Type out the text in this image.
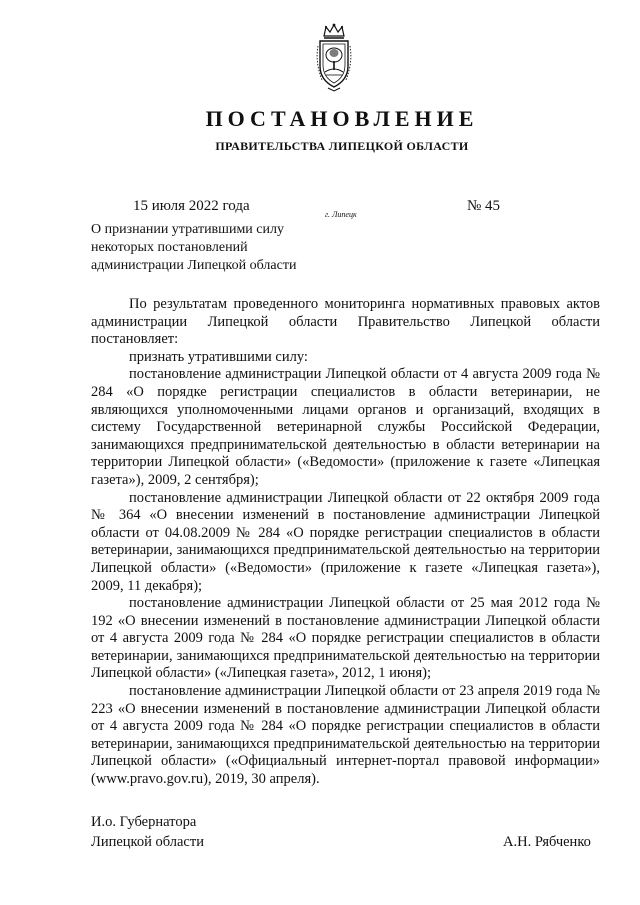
ПОСТАНОВЛЕНИЕ
ПРАВИТЕЛЬСТВА ЛИПЕЦКОЙ ОБЛАСТИ
15 июля 2022 года
г. Липецк
№ 45
О признании утратившими силу
некоторых постановлений
администрации Липецкой области

По результатам проведенного мониторинга нормативных правовых актов администрации Липецкой области Правительство Липецкой области постановляет:

признать утратившими силу:

постановление администрации Липецкой области от 4 августа 2009 года № 284 «О порядке регистрации специалистов в области ветеринарии, не являющихся уполномоченными лицами органов и организаций, входящих в систему Государственной ветеринарной службы Российской Федерации, занимающихся предпринимательской деятельностью в области ветеринарии на территории Липецкой области» («Ведомости» (приложение к газете «Липецкая газета»), 2009, 2 сентября);

постановление администрации Липецкой области от 22 октября 2009 года № 364 «О внесении изменений в постановление администрации Липецкой области от 04.08.2009 № 284 «О порядке регистрации специалистов в области ветеринарии, занимающихся предпринимательской деятельностью на территории Липецкой области» («Ведомости» (приложение к газете «Липецкая газета»), 2009, 11 декабря);

постановление администрации Липецкой области от 25 мая 2012 года № 192 «О внесении изменений в постановление администрации Липецкой области от 4 августа 2009 года № 284 «О порядке регистрации специалистов в области ветеринарии, занимающихся предпринимательской деятельностью на территории Липецкой области» («Липецкая газета», 2012, 1 июня);

постановление администрации Липецкой области от 23 апреля 2019 года № 223 «О внесении изменений в постановление администрации Липецкой области от 4 августа 2009 года № 284 «О порядке регистрации специалистов в области ветеринарии, занимающихся предпринимательской деятельностью на территории Липецкой области» («Официальный интернет-портал правовой информации» (www.pravo.gov.ru), 2019, 30 апреля).

И.о. Губернатора
Липецкой области	А.Н. Рябченко
